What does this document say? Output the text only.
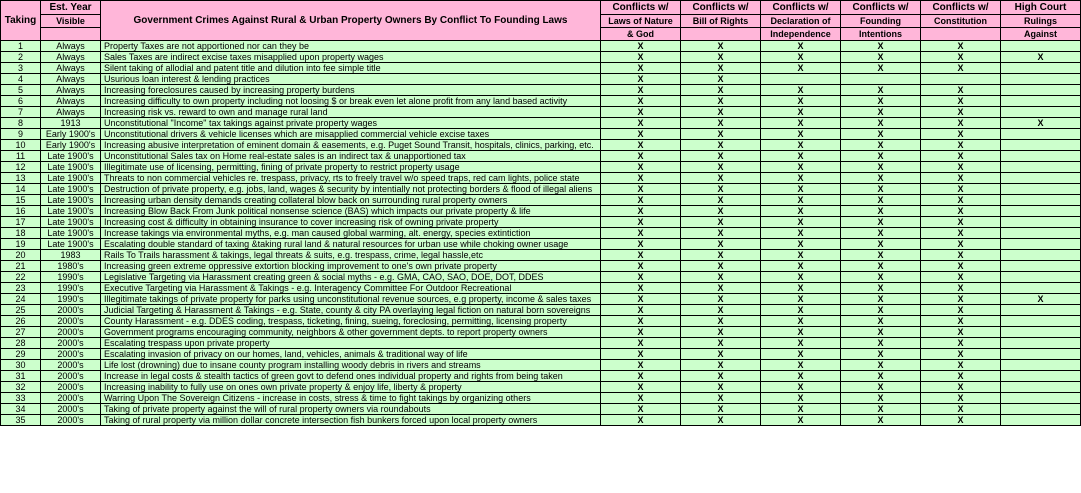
Taking	Est. Year	Government Crimes Against Rural & Urban Property Owners By Conflict To Founding Laws	Conflicts w/	Conflicts w/	Conflicts w/	Conflicts w/	Conflicts w/	High Court
	Visible		Laws of Nature	Bill of Rights	Declaration of	Founding	Constitution	Rulings
			& God		Independence	Intentions		Against
1	Always	Property Taxes are not apportioned nor can they be	X	X	X	X	X	
2	Always	Sales Taxes are indirect excise taxes misapplied upon property wages	X	X	X	X	X	X
3	Always	Silent taking of allodial and patent title and dilution into fee simple title	X	X	X	X	X	
4	Always	Usurious loan interest & lending practices	X	X				
5	Always	Increasing foreclosures caused by increasing property burdens	X	X	X	X	X	
6	Always	Increasing difficulty to own property including not loosing $ or break even let alone profit from any land based activity	X	X	X	X	X	
7	Always	Increasing risk vs. reward to own and manage rural land	X	X	X	X	X	
8	1913	Unconstitutional "Income" tax takings against private property wages	X	X	X	X	X	X
9	Early 1900's	Unconstitutional drivers & vehicle licenses which are misapplied commercial vehicle excise taxes	X	X	X	X	X	
10	Early 1900's	Increasing abusive interpretation of eminent domain & easements, e.g. Puget Sound Transit, hospitals, clinics, parking, etc.	X	X	X	X	X	
11	Late 1900's	Unconstitutional Sales tax on Home real-estate sales is an indirect tax & unapportioned tax	X	X	X	X	X	
12	Late 1900's	Illegitimate use of licensing, permitting, fining of private property to restrict property usage	X	X	X	X	X	
13	Late 1900's	Threats to non commercial vehicles re. trespass, privacy, rts to freely travel w/o speed traps, red cam lights, police state	X	X	X	X	X	
14	Late 1900's	Destruction of private property, e.g. jobs, land, wages & security by intentially not protecting borders & flood of illegal aliens	X	X	X	X	X	
15	Late 1900's	Increasing urban density demands creating collateral blow back on surrounding rural property owners	X	X	X	X	X	
16	Late 1900's	Increasing Blow Back From Junk political nonsense science (BAS) which impacts our private property & life	X	X	X	X	X	
17	Late 1900's	Increasing cost & difficulty in obtaining insurance to cover increasing risk of owning private property	X	X	X	X	X	
18	Late 1900's	Increase takings via environmental myths, e.g. man caused global warming, alt. energy, species extintiction	X	X	X	X	X	
19	Late 1900's	Escalating double standard of taxing &taking rural land & natural resources for urban use while choking owner usage	X	X	X	X	X	
20	1983	Rails To Trails harassment & takings, legal threats & suits, e.g. trespass, crime, legal hassle,etc	X	X	X	X	X	
21	1980's	Increasing green extreme oppressive extortion blocking improvement to one's own private property	X	X	X	X	X	
22	1990's	Legislative Targeting via Harassment creating green & social myths - e.g. GMA, CAO, SAO, DOE, DOT, DDES	X	X	X	X	X	
23	1990's	Executive Targeting via Harassment & Takings - e.g. Interagency Committee For Outdoor Recreational	X	X	X	X	X	
24	1990's	Illegitimate takings of private property for parks using unconstitutional revenue sources, e.g property, income & sales taxes	X	X	X	X	X	X
25	2000's	Judicial Targeting & Harassment & Takings - e.g. State, county & city PA overlaying legal fiction on natural born sovereigns	X	X	X	X	X	
26	2000's	County Harassment - e.g. DDES coding, trespass, ticketing, fining, sueing, foreclosing, permitting, licensing property	X	X	X	X	X	
27	2000's	Government programs encouraging community, neighbors & other government depts. to report property owners	X	X	X	X	X	
28	2000's	Escalating trespass upon private property	X	X	X	X	X	
29	2000's	Escalating invasion of privacy on our homes, land, vehicles, animals & traditional way of life	X	X	X	X	X	
30	2000's	Life lost (drowning) due to insane county program installing woody debris in rivers and streams	X	X	X	X	X	
31	2000's	Increase in legal costs & stealth tactics of green govt to defend ones individual property and rights from being taken	X	X	X	X	X	
32	2000's	Increasing inability to fully use on ones own private property & enjoy life, liberty & property	X	X	X	X	X	
33	2000's	Warring Upon The Sovereign Citizens - increase in costs, stress & time to fight takings by organizing others	X	X	X	X	X	
34	2000's	Taking of private property against the will of rural property owners via roundabouts	X	X	X	X	X	
35	2000's	Taking of rural property via million dollar concrete intersection fish bunkers forced upon local property owners	X	X	X	X	X	
